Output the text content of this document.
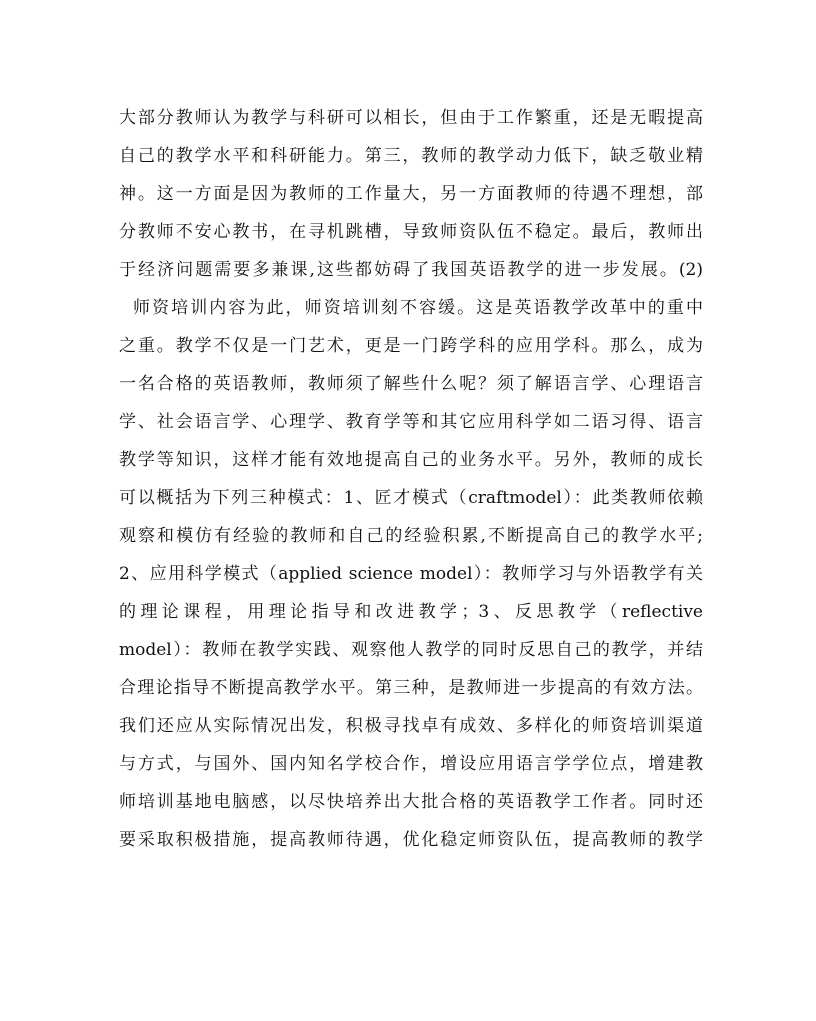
大部分教师认为教学与科研可以相长，但由于工作繁重，还是无暇提高
自己的教学水平和科研能力。第三，教师的教学动力低下，缺乏敬业精
神。这一方面是因为教师的工作量大，另一方面教师的待遇不理想，部
分教师不安心教书，在寻机跳槽，导致师资队伍不稳定。最后，教师出
于经济问题需要多兼课,这些都妨碍了我国英语教学的进一步发展。(2)
师资培训内容为此，师资培训刻不容缓。这是英语教学改革中的重中
之重。教学不仅是一门艺术，更是一门跨学科的应用学科。那么，成为
一名合格的英语教师，教师须了解些什么呢？须了解语言学、心理语言
学、社会语言学、心理学、教育学等和其它应用科学如二语习得、语言
教学等知识，这样才能有效地提高自己的业务水平。另外，教师的成长
可以概括为下列三种模式：1、匠才模式（craftmodel）：此类教师依赖
观察和模仿有经验的教师和自己的经验积累,不断提高自己的教学水平;
2、应用科学模式（applied science model）：教师学习与外语教学有关
的理论课程，用理论指导和改进教学；3、反思教学（reflective
model）：教师在教学实践、观察他人教学的同时反思自己的教学，并结
合理论指导不断提高教学水平。第三种，是教师进一步提高的有效方法。
我们还应从实际情况出发，积极寻找卓有成效、多样化的师资培训渠道
与方式，与国外、国内知名学校合作，增设应用语言学学位点，增建教
师培训基地电脑感，以尽快培养出大批合格的英语教学工作者。同时还
要采取积极措施，提高教师待遇，优化稳定师资队伍，提高教师的教学
